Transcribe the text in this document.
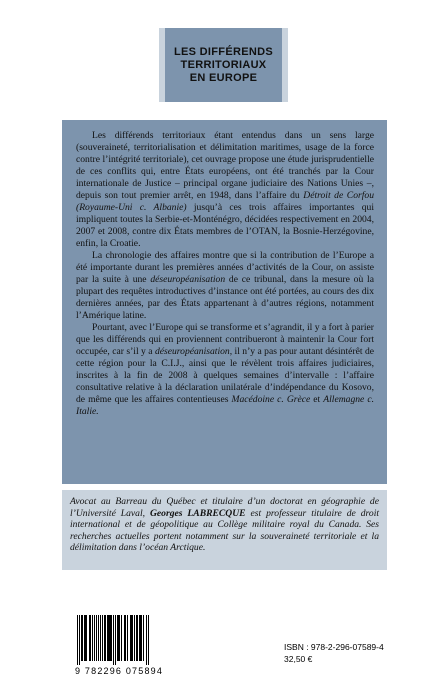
LES DIFFÉRENDS
TERRITORIAUX
EN EUROPE

Les différends territoriaux étant entendus dans un sens large (souveraineté, territorialisation et délimitation maritimes, usage de la force contre l’intégrité territoriale), cet ouvrage propose une étude jurisprudentielle de ces conflits qui, entre États européens, ont été tranchés par la Cour internationale de Justice – principal organe judiciaire des Nations Unies –, depuis son tout premier arrêt, en 1948, dans l’affaire du Détroit de Corfou (Royaume-Uni c. Albanie) jusqu’à ces trois affaires importantes qui impliquent toutes la Serbie-et-Monténégro, décidées respectivement en 2004, 2007 et 2008, contre dix États membres de l’OTAN, la Bosnie-Herzégovine, enfin, la Croatie.

La chronologie des affaires montre que si la contribution de l’Europe a été importante durant les premières années d’activités de la Cour, on assiste par la suite à une déseuropéanisation de ce tribunal, dans la mesure où la plupart des requêtes introductives d’instance ont été portées, au cours des dix dernières années, par des États appartenant à d’autres régions, notamment l’Amérique latine.

Pourtant, avec l’Europe qui se transforme et s’agrandit, il y a fort à parier que les différends qui en proviennent contribueront à maintenir la Cour fort occupée, car s’il y a déseuropéanisation, il n’y a pas pour autant désintérêt de cette région pour la C.I.J., ainsi que le révèlent trois affaires judiciaires, inscrites à la fin de 2008 à quelques semaines d’intervalle : l’affaire consultative relative à la déclaration unilatérale d’indépendance du Kosovo, de même que les affaires contentieuses Macédoine c. Grèce et Allemagne c. Italie.

Avocat au Barreau du Québec et titulaire d’un doctorat en géographie de l’Université Laval, Georges LABRECQUE est professeur titulaire de droit international et de géopolitique au Collège militaire royal du Canada. Ses recherches actuelles portent notamment sur la souveraineté territoriale et la délimitation dans l’océan Arctique.

9 782296 075894
ISBN : 978-2-296-07589-4
32,50 €
